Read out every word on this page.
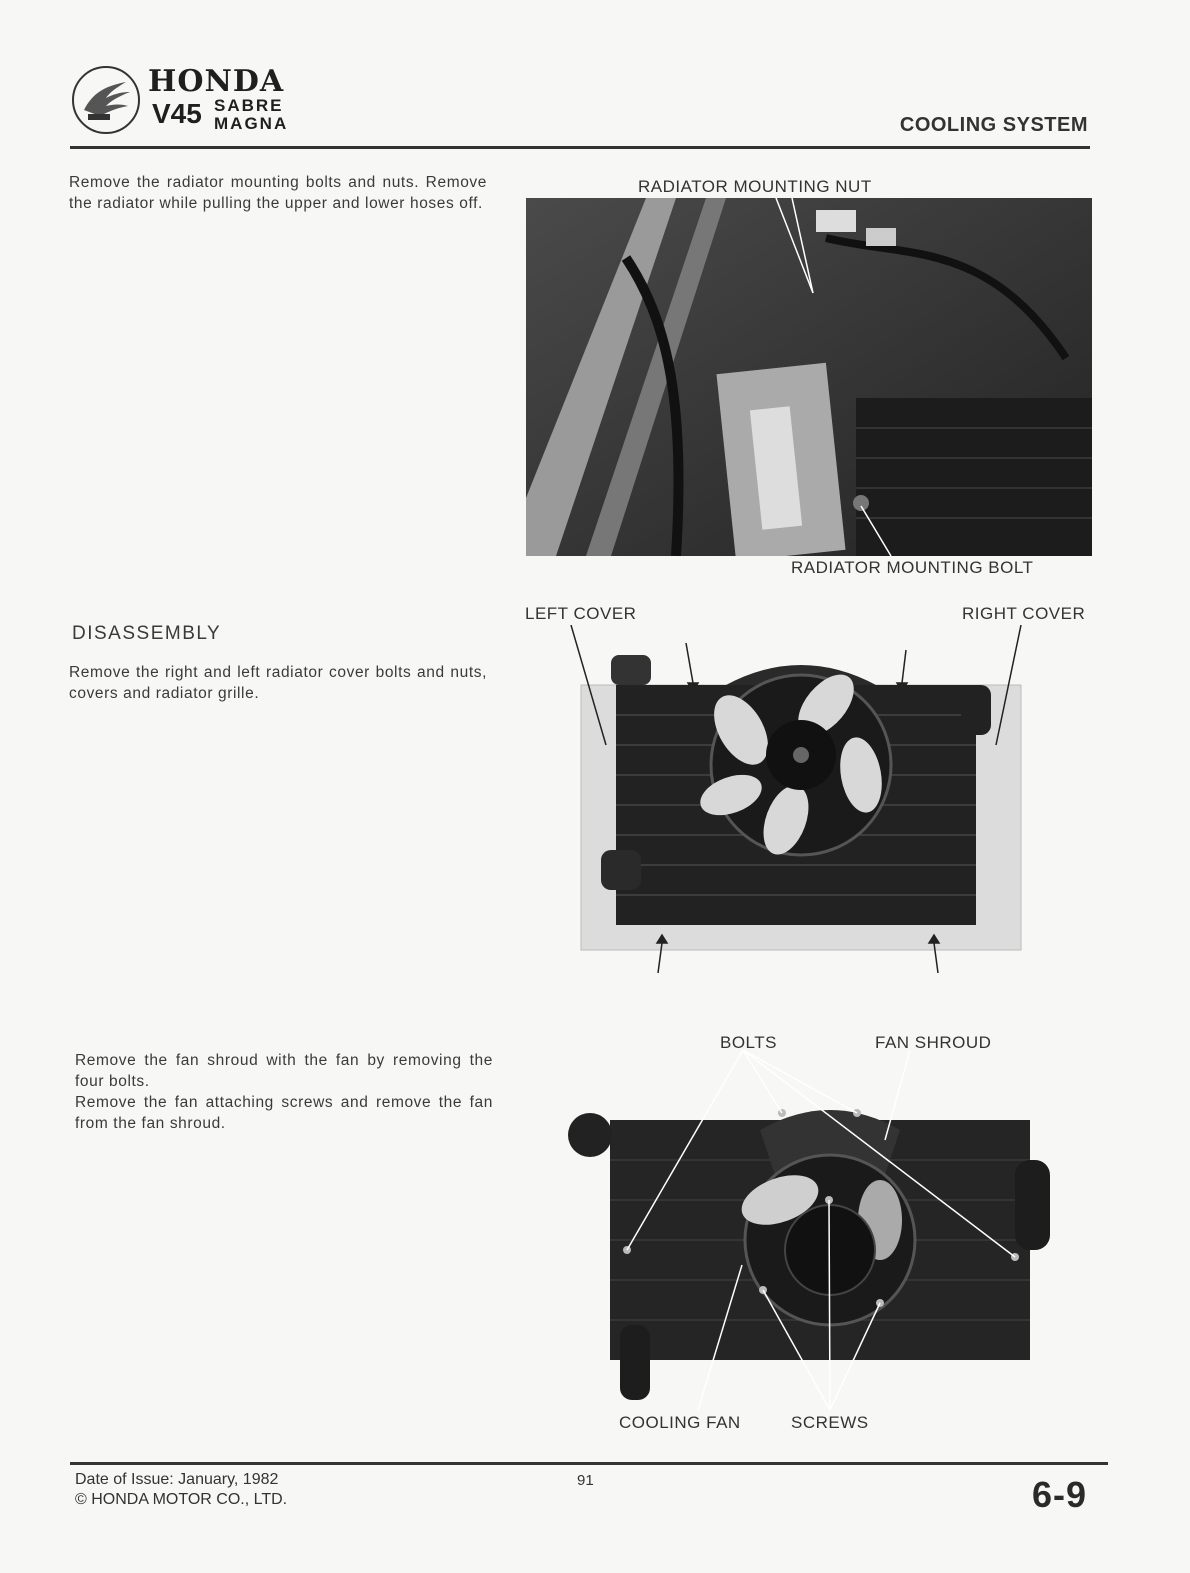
HONDA
V45 SABRE
MAGNA	COOLING SYSTEM
Remove the radiator mounting bolts and nuts. Remove the radiator while pulling the upper and lower hoses off.
RADIATOR MOUNTING NUT
RADIATOR MOUNTING BOLT
DISASSEMBLY
Remove the right and left radiator cover bolts and nuts, covers and radiator grille.
LEFT COVER	RIGHT COVER
Remove the fan shroud with the fan by removing the four bolts.
Remove the fan attaching screws and remove the fan from the fan shroud.
BOLTS	FAN SHROUD
COOLING FAN	SCREWS
Date of Issue: January, 1982
© HONDA MOTOR CO., LTD.
91	6-9
